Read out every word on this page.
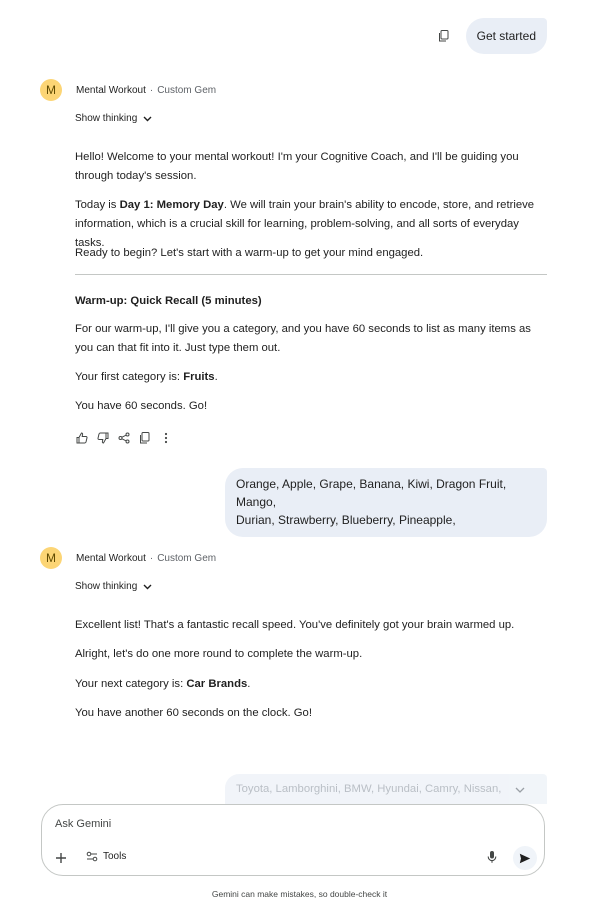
Get started
M	Mental Workout · Custom Gem
Show thinking

Hello! Welcome to your mental workout! I'm your Cognitive Coach, and I'll be guiding you through today's session.

Today is Day 1: Memory Day. We will train your brain's ability to encode, store, and retrieve information, which is a crucial skill for learning, problem-solving, and all sorts of everyday tasks.

Ready to begin? Let's start with a warm-up to get your mind engaged.

Warm-up: Quick Recall (5 minutes)

For our warm-up, I'll give you a category, and you have 60 seconds to list as many items as you can that fit into it. Just type them out.

Your first category is: Fruits.

You have 60 seconds. Go!

Orange, Apple, Grape, Banana, Kiwi, Dragon Fruit, Mango,
Durian, Strawberry, Blueberry, Pineapple,
M	Mental Workout · Custom Gem
Show thinking

Excellent list! That's a fantastic recall speed. You've definitely got your brain warmed up.

Alright, let's do one more round to complete the warm-up.

Your next category is: Car Brands.

You have another 60 seconds on the clock. Go!

Toyota, Lamborghini, BMW, Hyundai, Camry, Nissan,
Ask Gemini
Tools
Gemini can make mistakes, so double-check it
